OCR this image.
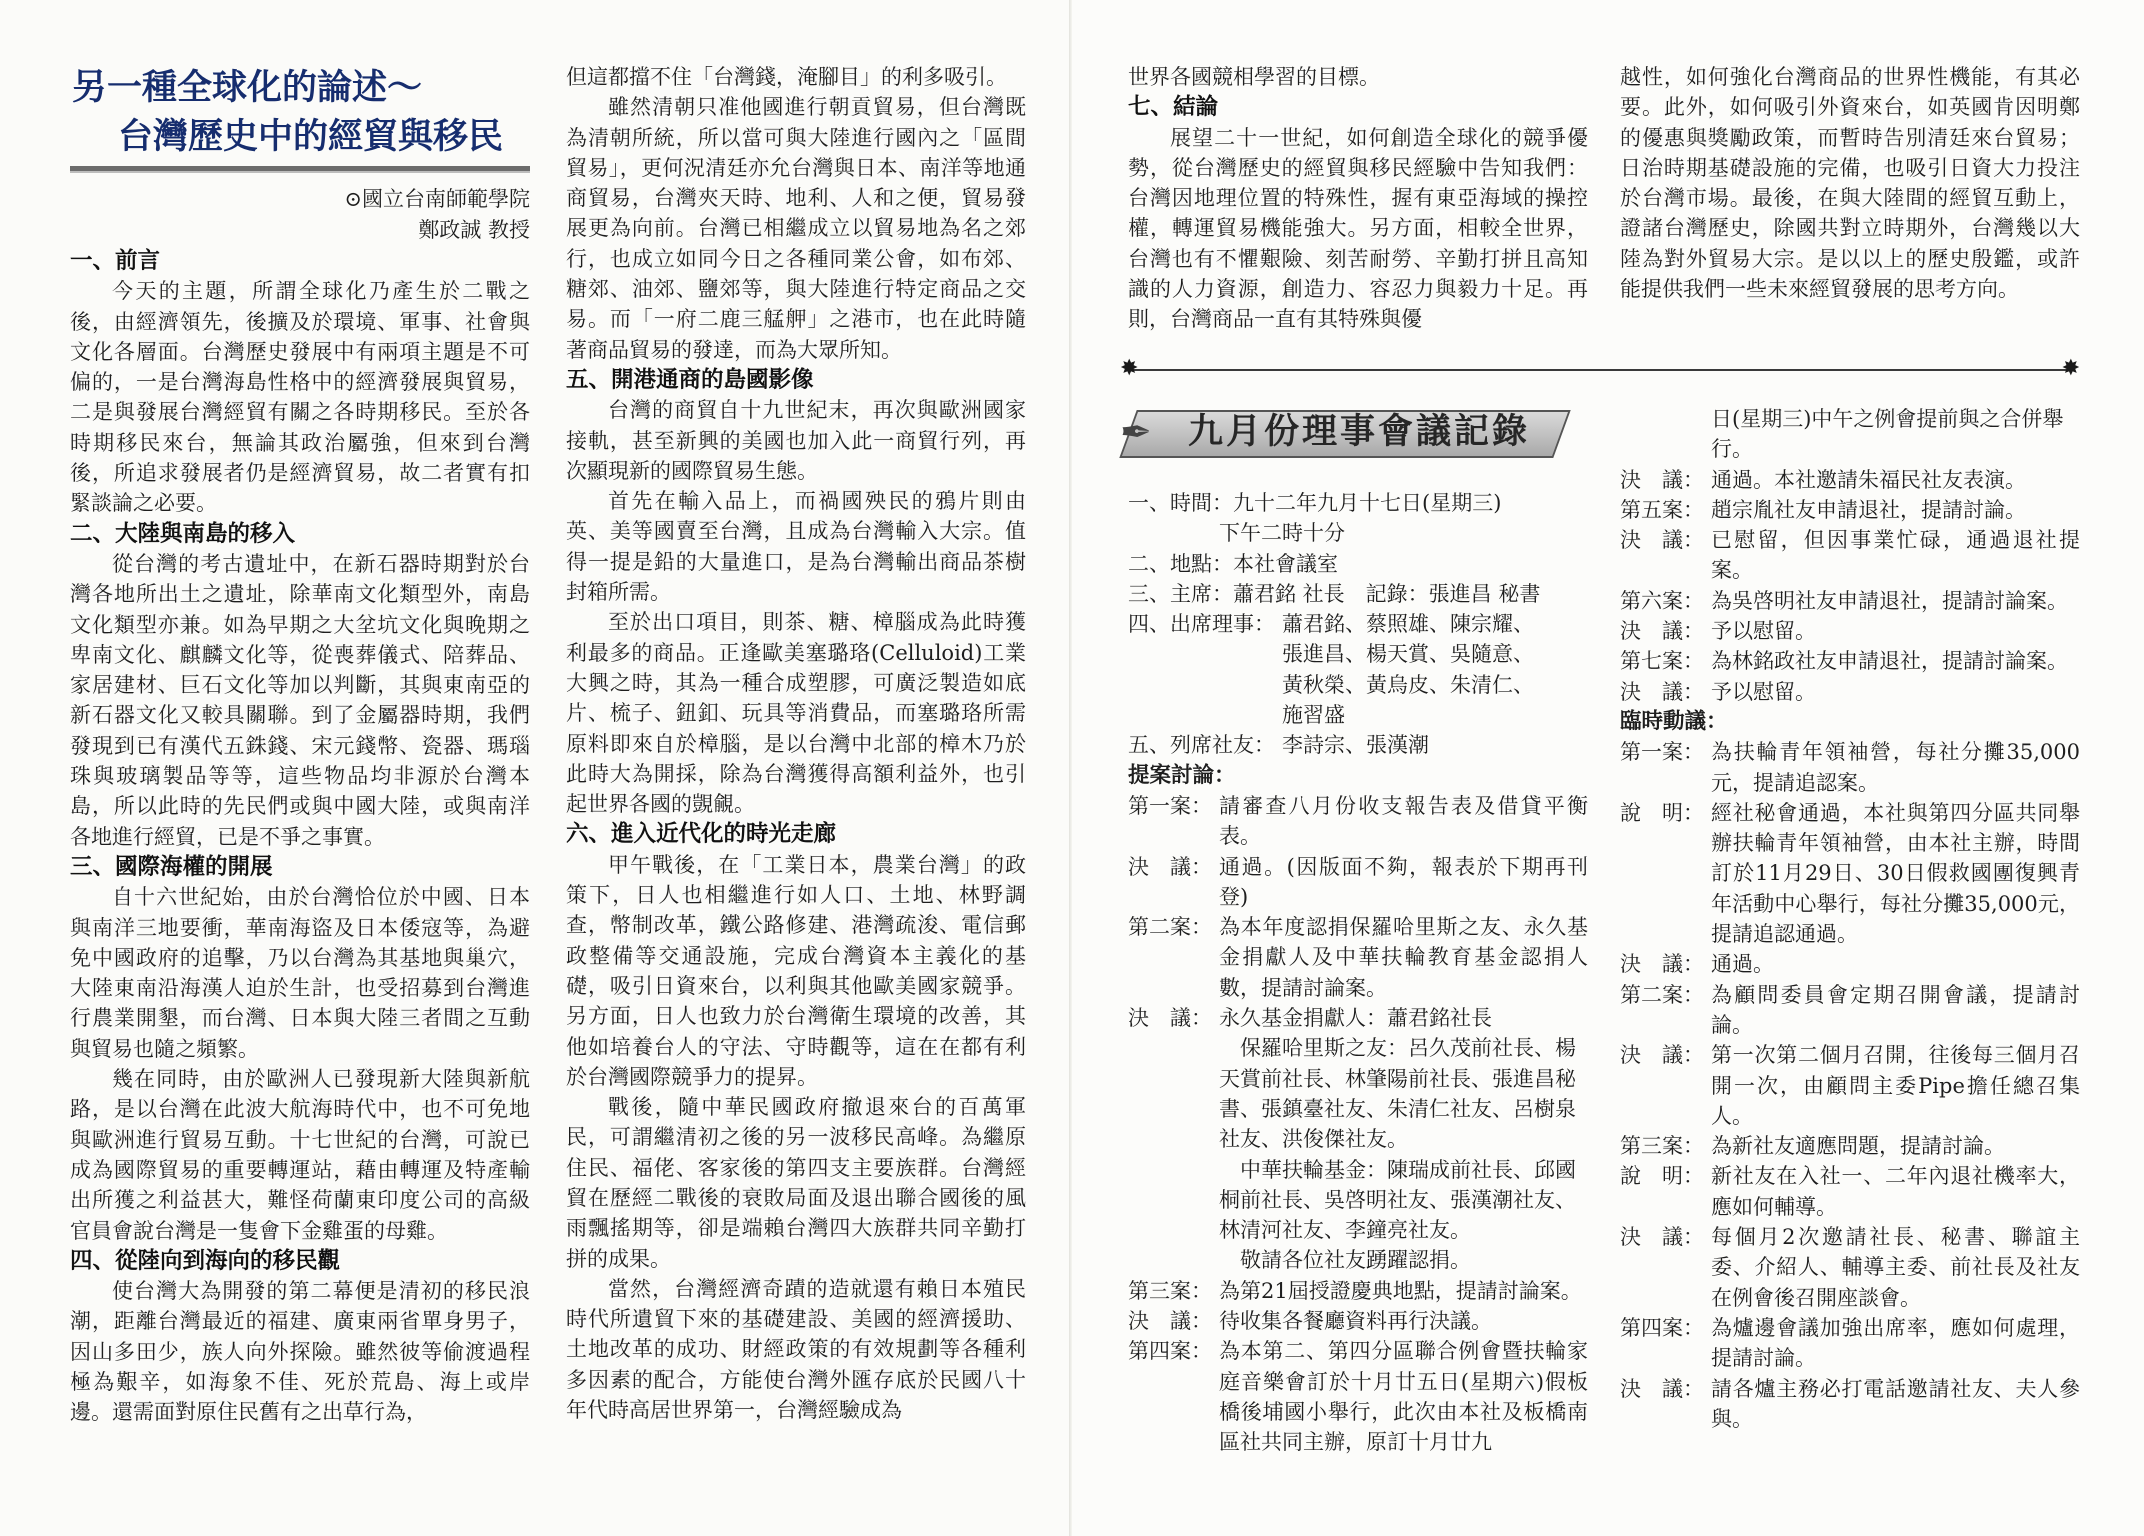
另一種全球化的論述～
台灣歷史中的經貿與移民
⊙國立台南師範學院
鄭政誠 教授
一、前言

今天的主題，所謂全球化乃產生於二戰之後，由經濟領先，後擴及於環境、軍事、社會與文化各層面。台灣歷史發展中有兩項主題是不可偏的，一是台灣海島性格中的經濟發展與貿易，二是與發展台灣經貿有關之各時期移民。至於各時期移民來台，無論其政治屬強，但來到台灣後，所追求發展者仍是經濟貿易，故二者實有扣緊談論之必要。

二、大陸與南島的移入

從台灣的考古遺址中，在新石器時期對於台灣各地所出土之遺址，除華南文化類型外，南島文化類型亦兼。如為早期之大坌坑文化與晚期之卑南文化、麒麟文化等，從喪葬儀式、陪葬品、家居建材、巨石文化等加以判斷，其與東南亞的新石器文化又較具關聯。到了金屬器時期，我們發現到已有漢代五銖錢、宋元錢幣、瓷器、瑪瑙珠與玻璃製品等等，這些物品均非源於台灣本島，所以此時的先民們或與中國大陸，或與南洋各地進行經貿，已是不爭之事實。

三、國際海權的開展

自十六世紀始，由於台灣恰位於中國、日本與南洋三地要衝，華南海盜及日本倭寇等，為避免中國政府的追擊，乃以台灣為其基地與巢穴，大陸東南沿海漢人迫於生計，也受招募到台灣進行農業開墾，而台灣、日本與大陸三者間之互動與貿易也隨之頻繁。

幾在同時，由於歐洲人已發現新大陸與新航路，是以台灣在此波大航海時代中，也不可免地與歐洲進行貿易互動。十七世紀的台灣，可說已成為國際貿易的重要轉運站，藉由轉運及特產輸出所獲之利益甚大，難怪荷蘭東印度公司的高級官員會說台灣是一隻會下金雞蛋的母雞。

四、從陸向到海向的移民觀

使台灣大為開發的第二幕便是清初的移民浪潮，距離台灣最近的福建、廣東兩省單身男子，因山多田少，族人向外探險。雖然彼等偷渡過程極為艱辛，如海象不佳、死於荒島、海上或岸邊。還需面對原住民舊有之出草行為，

但這都擋不住「台灣錢，淹腳目」的利多吸引。

雖然清朝只准他國進行朝貢貿易，但台灣既為清朝所統，所以當可與大陸進行國內之「區間貿易」，更何況清廷亦允台灣與日本、南洋等地通商貿易，台灣夾天時、地利、人和之便，貿易發展更為向前。台灣已相繼成立以貿易地為名之郊行，也成立如同今日之各種同業公會，如布郊、糖郊、油郊、鹽郊等，與大陸進行特定商品之交易。而「一府二鹿三艋舺」之港市，也在此時隨著商品貿易的發達，而為大眾所知。

五、開港通商的島國影像

台灣的商貿自十九世紀末，再次與歐洲國家接軌，甚至新興的美國也加入此一商貿行列，再次顯現新的國際貿易生態。

首先在輸入品上，而禍國殃民的鴉片則由英、美等國賣至台灣，且成為台灣輸入大宗。值得一提是鉛的大量進口，是為台灣輸出商品茶樹封箱所需。

至於出口項目，則茶、糖、樟腦成為此時獲利最多的商品。正逢歐美塞璐珞(Celluloid)工業大興之時，其為一種合成塑膠，可廣泛製造如底片、梳子、鈕釦、玩具等消費品，而塞璐珞所需原料即來自於樟腦，是以台灣中北部的樟木乃於此時大為開採，除為台灣獲得高額利益外，也引起世界各國的覬覦。

六、進入近代化的時光走廊

甲午戰後，在「工業日本，農業台灣」的政策下，日人也相繼進行如人口、土地、林野調查，幣制改革，鐵公路修建、港灣疏浚、電信郵政整備等交通設施，完成台灣資本主義化的基礎，吸引日資來台，以利與其他歐美國家競爭。另方面，日人也致力於台灣衛生環境的改善，其他如培養台人的守法、守時觀等，這在在都有利於台灣國際競爭力的提昇。

戰後，隨中華民國政府撤退來台的百萬軍民，可謂繼清初之後的另一波移民高峰。為繼原住民、福佬、客家後的第四支主要族群。台灣經貿在歷經二戰後的衰敗局面及退出聯合國後的風雨飄搖期等，卻是端賴台灣四大族群共同辛勤打拼的成果。

當然，台灣經濟奇蹟的造就還有賴日本殖民時代所遺貿下來的基礎建設、美國的經濟援助、土地改革的成功、財經政策的有效規劃等各種利多因素的配合，方能使台灣外匯存底於民國八十年代時高居世界第一，台灣經驗成為

世界各國競相學習的目標。

七、結論

展望二十一世紀，如何創造全球化的競爭優勢，從台灣歷史的經貿與移民經驗中告知我們：台灣因地理位置的特殊性，握有東亞海域的操控權，轉運貿易機能強大。另方面，相較全世界，台灣也有不懼艱險、刻苦耐勞、辛勤打拼且高知識的人力資源，創造力、容忍力與毅力十足。再則，台灣商品一直有其特殊與優

越性，如何強化台灣商品的世界性機能，有其必要。此外，如何吸引外資來台，如英國肯因明鄭的優惠與獎勵政策，而暫時告別清廷來台貿易；日治時期基礎設施的完備，也吸引日資大力投注於台灣市場。最後，在與大陸間的經貿互動上，證諸台灣歷史，除國共對立時期外，台灣幾以大陸為對外貿易大宗。是以以上的歷史殷鑑，或許能提供我們一些未來經貿發展的思考方向。

✸	✸
✒	九月份理事會議記錄
一、時間： 九十二年九月十七日(星期三)
下午二時十分
二、地點： 本社會議室
三、主席： 蕭君銘 社長　記錄：張進昌 秘書
四、出席理事： 蕭君銘、蔡照雄、陳宗耀、
張進昌、楊天賞、吳隨意、
黃秋榮、黃烏皮、朱清仁、
施習盛
五、列席社友： 李詩宗、張漢潮
提案討論：
第一案： 請審查八月份收支報告表及借貸平衡表。
決　議： 通過。(因版面不夠，報表於下期再刊登)
第二案： 為本年度認捐保羅哈里斯之友、永久基金捐獻人及中華扶輪教育基金認捐人數，提請討論案。
決　議： 永久基金捐獻人：蕭君銘社長
保羅哈里斯之友：呂久茂前社長、楊天賞前社長、林肇陽前社長、張進昌秘書、張鎮臺社友、朱清仁社友、呂樹泉社友、洪俊傑社友。
中華扶輪基金：陳瑞成前社長、邱國桐前社長、吳啓明社友、張漢潮社友、林清河社友、李鐘亮社友。
敬請各位社友踴躍認捐。
第三案： 為第21屆授證慶典地點，提請討論案。
決　議： 待收集各餐廳資料再行決議。
第四案： 為本第二、第四分區聯合例會暨扶輪家庭音樂會訂於十月廿五日(星期六)假板橋後埔國小舉行，此次由本社及板橋南區社共同主辦，原訂十月廿九
日(星期三)中午之例會提前與之合併舉行。
決　議： 通過。本社邀請朱福民社友表演。
第五案： 趙宗胤社友申請退社，提請討論。
決　議： 已慰留，但因事業忙碌，通過退社提案。
第六案： 為吳啓明社友申請退社，提請討論案。
決　議： 予以慰留。
第七案： 為林銘政社友申請退社，提請討論案。
決　議： 予以慰留。
臨時動議：
第一案： 為扶輪青年領袖營，每社分攤35,000元，提請追認案。
說　明： 經社秘會通過，本社與第四分區共同舉辦扶輪青年領袖營，由本社主辦，時間訂於11月29日、30日假救國團復興青年活動中心舉行，每社分攤35,000元，提請追認通過。
決　議： 通過。
第二案： 為顧問委員會定期召開會議，提請討論。
決　議： 第一次第二個月召開，往後每三個月召開一次，由顧問主委Pipe擔任總召集人。
第三案： 為新社友適應問題，提請討論。
說　明： 新社友在入社一、二年內退社機率大，應如何輔導。
決　議： 每個月2次邀請社長、秘書、聯誼主委、介紹人、輔導主委、前社長及社友在例會後召開座談會。
第四案： 為爐邊會議加強出席率，應如何處理，提請討論。
決　議： 請各爐主務必打電話邀請社友、夫人參與。
